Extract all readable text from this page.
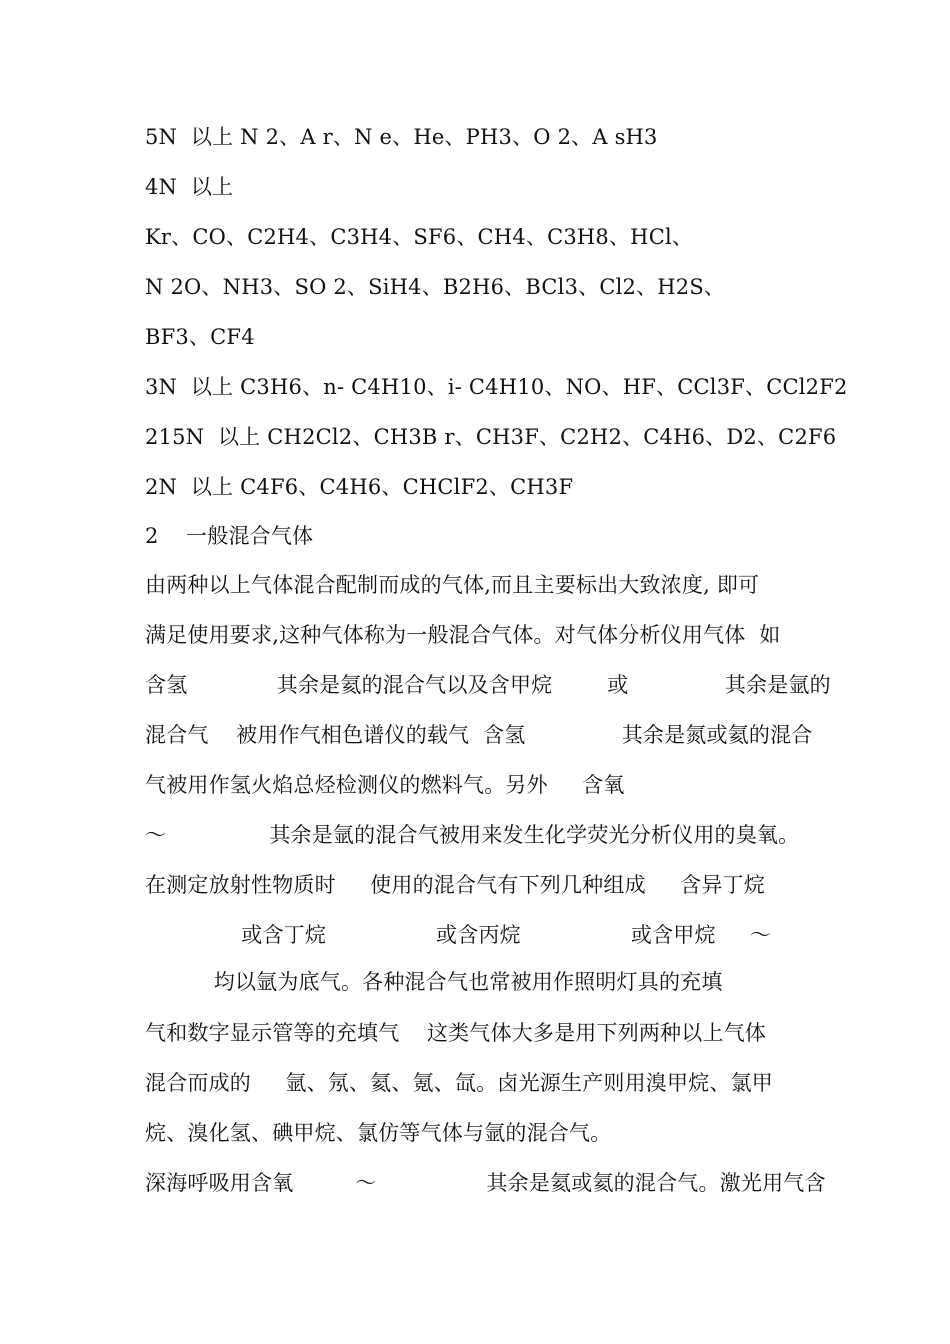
5N  以上 N 2、A r、N e、He、PH3、O 2、A sH3
4N  以上
Kr、CO、C2H4、C3H4、SF6、CH4、C3H8、HCl、
N 2O、NH3、SO 2、SiH4、B2H6、BCl3、Cl2、H2S、
BF3、CF4
3N  以上 C3H6、n- C4H10、i- C4H10、NO、HF、CCl3F、CCl2F2
215N  以上 CH2Cl2、CH3B r、CH3F、C2H2、C4H6、D2、C2F6
2N  以上 C4F6、C4H6、CHClF2、CH3F
2    一般混合气体
由两种以上气体混合配制而成的气体,而且主要标出大致浓度, 即可
满足使用要求,这种气体称为一般混合气体。对气体分析仪用气体  如
含氢             其余是氦的混合气以及含甲烷        或              其余是氩的
混合气    被用作气相色谱仪的载气  含氢              其余是氮或氦的混合
气被用作氢火焰总烃检测仪的燃料气。另外     含氧
～               其余是氩的混合气被用来发生化学荧光分析仪用的臭氧。
在测定放射性物质时     使用的混合气有下列几种组成     含异丁烷
或含丁烷                或含丙烷                或含甲烷     ～
均以氩为底气。各种混合气也常被用作照明灯具的充填
气和数字显示管等的充填气    这类气体大多是用下列两种以上气体
混合而成的     氩、氖、氦、氪、氙。卤光源生产则用溴甲烷、氯甲
烷、溴化氢、碘甲烷、氯仿等气体与氩的混合气。
深海呼吸用含氧         ～                其余是氦或氦的混合气。激光用气含
